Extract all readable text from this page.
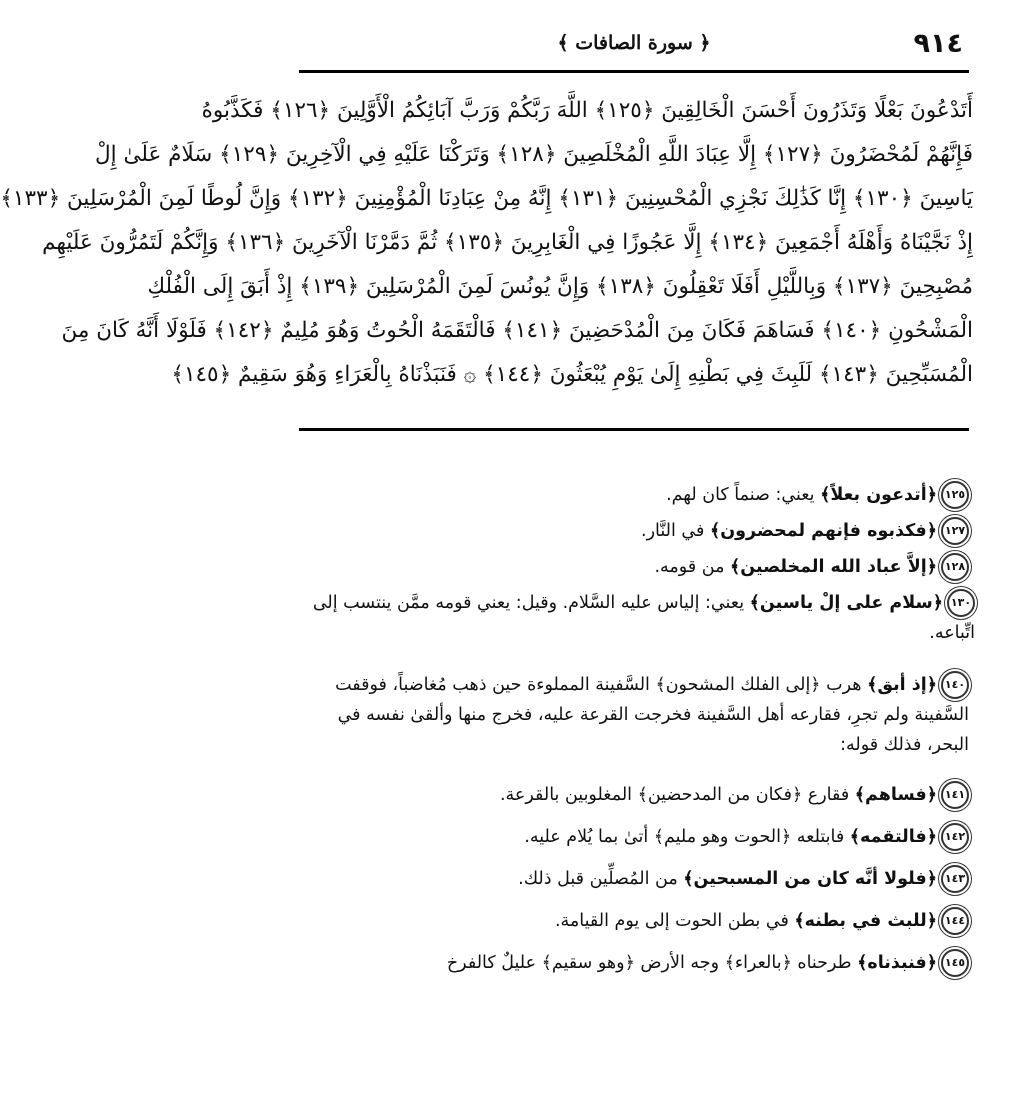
٩١٤
﴿ سورة الصافات ﴾
أَتَدْعُونَ بَعْلًا وَتَذَرُونَ أَحْسَنَ الْخَالِقِينَ ﴿١٢٥﴾ اللَّهَ رَبَّكُمْ وَرَبَّ آبَائِكُمُ الْأَوَّلِينَ ﴿١٢٦﴾ فَكَذَّبُوهُ
فَإِنَّهُمْ لَمُحْضَرُونَ ﴿١٢٧﴾ إِلَّا عِبَادَ اللَّهِ الْمُخْلَصِينَ ﴿١٢٨﴾ وَتَرَكْنَا عَلَيْهِ فِي الْآخِرِينَ ﴿١٢٩﴾ سَلَامٌ عَلَىٰ إِلْ
يَاسِينَ ﴿١٣٠﴾ إِنَّا كَذَٰلِكَ نَجْزِي الْمُحْسِنِينَ ﴿١٣١﴾ إِنَّهُ مِنْ عِبَادِنَا الْمُؤْمِنِينَ ﴿١٣٢﴾ وَإِنَّ لُوطًا لَمِنَ الْمُرْسَلِينَ ﴿١٣٣﴾
إِذْ نَجَّيْنَاهُ وَأَهْلَهُ أَجْمَعِينَ ﴿١٣٤﴾ إِلَّا عَجُوزًا فِي الْغَابِرِينَ ﴿١٣٥﴾ ثُمَّ دَمَّرْنَا الْآخَرِينَ ﴿١٣٦﴾ وَإِنَّكُمْ لَتَمُرُّونَ عَلَيْهِم
مُصْبِحِينَ ﴿١٣٧﴾ وَبِاللَّيْلِ أَفَلَا تَعْقِلُونَ ﴿١٣٨﴾ وَإِنَّ يُونُسَ لَمِنَ الْمُرْسَلِينَ ﴿١٣٩﴾ إِذْ أَبَقَ إِلَى الْفُلْكِ
الْمَشْحُونِ ﴿١٤٠﴾ فَسَاهَمَ فَكَانَ مِنَ الْمُدْحَضِينَ ﴿١٤١﴾ فَالْتَقَمَهُ الْحُوتُ وَهُوَ مُلِيمٌ ﴿١٤٢﴾ فَلَوْلَا أَنَّهُ كَانَ مِنَ
الْمُسَبِّحِينَ ﴿١٤٣﴾ لَلَبِثَ فِي بَطْنِهِ إِلَىٰ يَوْمِ يُبْعَثُونَ ﴿١٤٤﴾ ۞ فَنَبَذْنَاهُ بِالْعَرَاءِ وَهُوَ سَقِيمٌ ﴿١٤٥﴾

١٢٥﴿أتدعون بعلاً﴾ يعني: صنماً كان لهم.

١٢٧﴿فكذبوه فإنهم لمحضرون﴾ في النَّار.

١٢٨﴿إلاَّ عباد الله المخلصين﴾ من قومه.

١٣٠﴿سلام على إلْ ياسين﴾ يعني: إلياس عليه السَّلام. وقيل: يعني قومه ممَّن ينتسب إلى اتِّباعه.

١٤٠﴿إذ أبق﴾ هرب ﴿إلى الفلك المشحون﴾ السَّفينة المملوءة حين ذهب مُغاضباً، فوقفت السَّفينة ولم تجرِ، فقارعه أهل السَّفينة فخرجت القرعة عليه، فخرج منها وألقىٰ نفسه في البحر، فذلك قوله:

١٤١﴿فساهم﴾ فقارع ﴿فكان من المدحضين﴾ المغلوبين بالقرعة.

١٤٢﴿فالتقمه﴾ فابتلعه ﴿الحوت وهو مليم﴾ أتىٰ بما يُلام عليه.

١٤٣﴿فلولا أنَّه كان من المسبحين﴾ من المُصلِّين قبل ذلك.

١٤٤﴿للبث في بطنه﴾ في بطن الحوت إلى يوم القيامة.

١٤٥﴿فنبذناه﴾ طرحناه ﴿بالعراء﴾ وجه الأرض ﴿وهو سقيم﴾ عليلٌ كالفرخ
